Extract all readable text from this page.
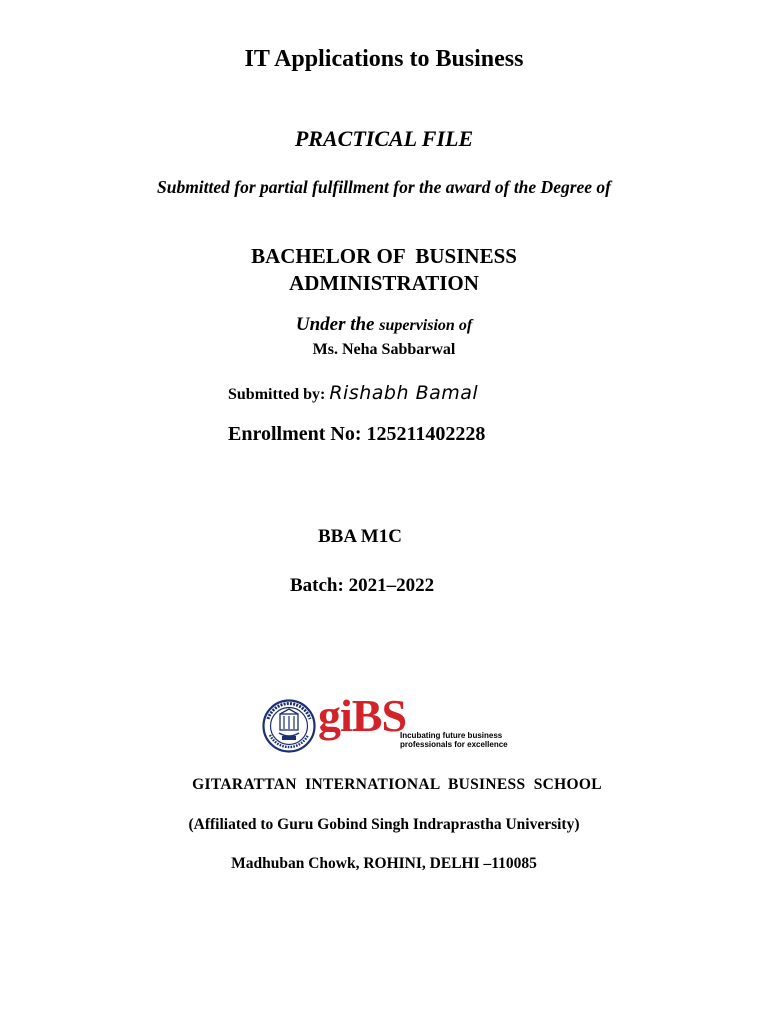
IT Applications to Business
PRACTICAL FILE
Submitted for partial fulfillment for the award of the Degree of
BACHELOR OF  BUSINESS
ADMINISTRATION
Under the supervision of
Ms. Neha Sabbarwal
Submitted by: Rishabh Bamal
Enrollment No: 125211402228
BBA M1C
Batch: 2021–2022
giBS
Incubating future business
professionals for excellence
GITARATTAN  INTERNATIONAL  BUSINESS  SCHOOL
(Affiliated to Guru Gobind Singh Indraprastha University)
Madhuban Chowk, ROHINI, DELHI –110085
